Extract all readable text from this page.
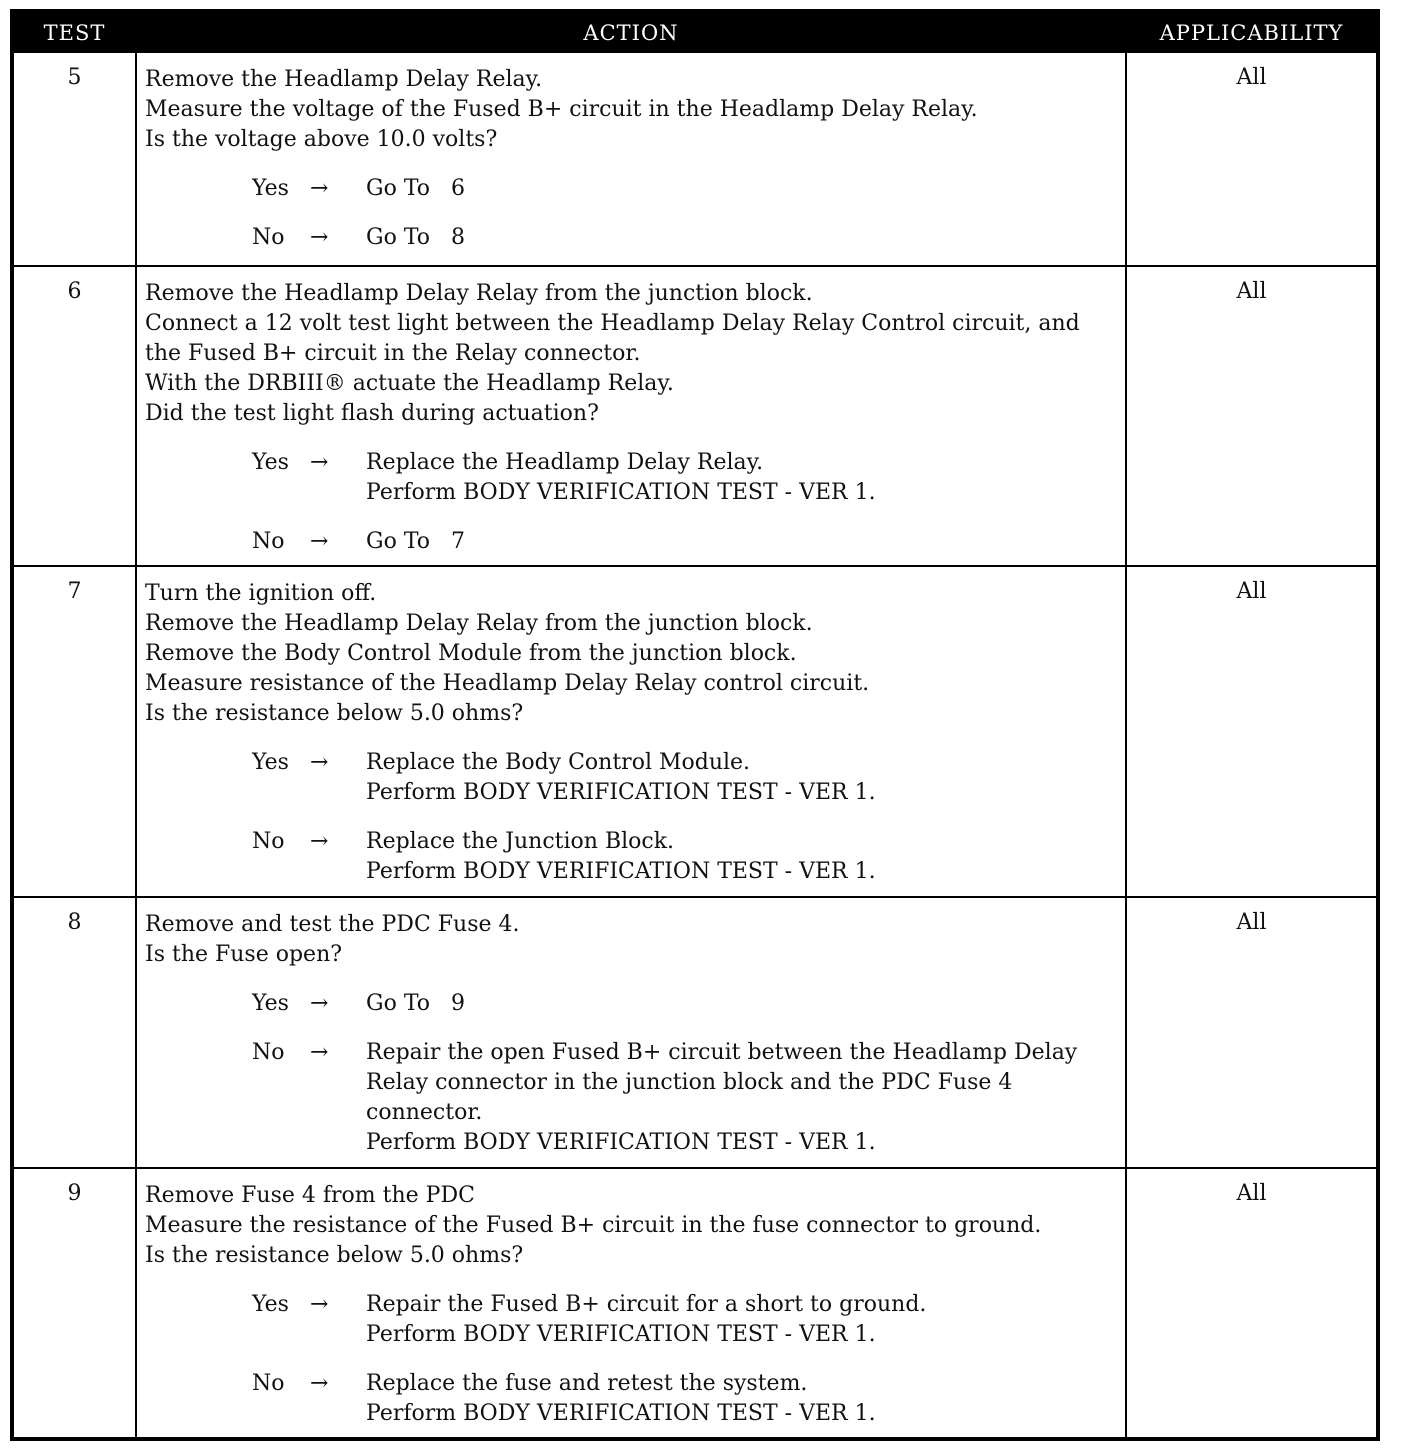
TEST	ACTION	APPLICABILITY
5	Remove the Headlamp Delay Relay.
Measure the voltage of the Fused B+ circuit in the Headlamp Delay Relay.
Is the voltage above 10.0 volts?
Yes →	Go To   6
No	→	Go To   8
All
6	Remove the Headlamp Delay Relay from the junction block.
Connect a 12 volt test light between the Headlamp Delay Relay Control circuit, and
the Fused B+ circuit in the Relay connector.
With the DRBIII® actuate the Headlamp Relay.
Did the test light flash during actuation?
Yes →	Replace the Headlamp Delay Relay.
Perform BODY VERIFICATION TEST - VER 1.
No	→	Go To   7
All
7	Turn the ignition off.
Remove the Headlamp Delay Relay from the junction block.
Remove the Body Control Module from the junction block.
Measure resistance of the Headlamp Delay Relay control circuit.
Is the resistance below 5.0 ohms?
Yes →	Replace the Body Control Module.
Perform BODY VERIFICATION TEST - VER 1.
No	→	Replace the Junction Block.
Perform BODY VERIFICATION TEST - VER 1.
All
8	Remove and test the PDC Fuse 4.
Is the Fuse open?
Yes →	Go To   9
No	→	Repair the open Fused B+ circuit between the Headlamp Delay
Relay connector in the junction block and the PDC Fuse 4
connector.
Perform BODY VERIFICATION TEST - VER 1.
All
9	Remove Fuse 4 from the PDC
Measure the resistance of the Fused B+ circuit in the fuse connector to ground.
Is the resistance below 5.0 ohms?
Yes →	Repair the Fused B+ circuit for a short to ground.
Perform BODY VERIFICATION TEST - VER 1.
No	→	Replace the fuse and retest the system.
Perform BODY VERIFICATION TEST - VER 1.
All
